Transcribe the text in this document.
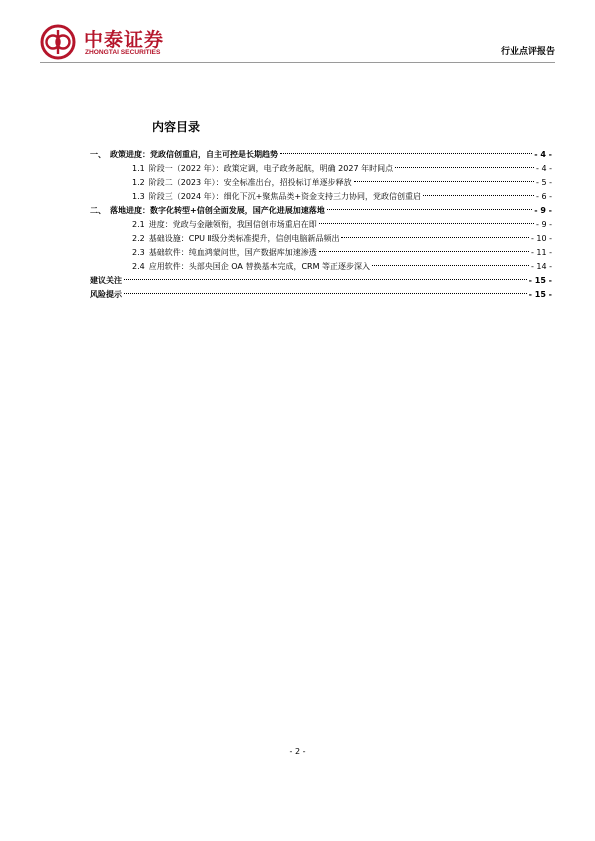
中泰证券
ZHONGTAI SECURITIES	行业点评报告
内容目录
一、 政策进度：党政信创重启，自主可控是长期趋势	- 4 -
1.1 阶段一（2022 年）：政策定调，电子政务起航，明确 2027 年时间点	- 4 -
1.2 阶段二（2023 年）：安全标准出台，招投标订单逐步释放	- 5 -
1.3 阶段三（2024 年）：细化下沉+聚焦品类+资金支持三力协同，党政信创重启	- 6 -
二、 落地进度：数字化转型+信创全面发展，国产化进展加速落地	- 9 -
2.1 进度：党政与金融领衔，我国信创市场重启在即	- 9 -
2.2 基础设施：CPU Ⅱ级分类标准提升，信创电脑新品频出	- 10 -
2.3 基础软件：纯血鸿蒙问世，国产数据库加速渗透	- 11 -
2.4 应用软件：头部央国企 OA 替换基本完成，CRM 等正逐步深入	- 14 -
建议关注	- 15 -
风险提示	- 15 -
- 2 -
